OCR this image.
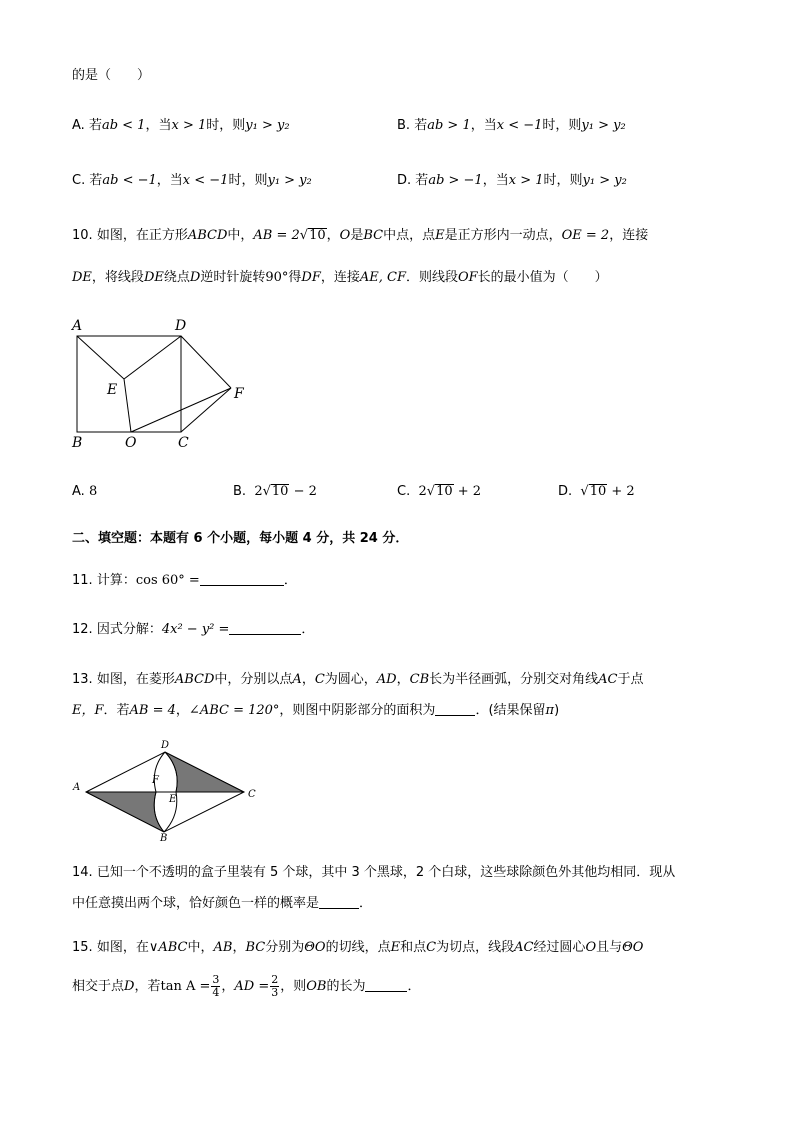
的是（　　）
A. 若ab < 1，当x > 1时，则y₁ > y₂	B. 若ab > 1，当x < −1时，则y₁ > y₂
C. 若ab < −1，当x < −1时，则y₁ > y₂	D. 若ab > −1，当x > 1时，则y₁ > y₂
10. 如图，在正方形ABCD中，AB = 2√10，O是BC中点，点E是正方形内一动点，OE = 2，连接
DE，将线段DE绕点D逆时针旋转90°得DF，连接AE, CF．则线段OF长的最小值为（　　）
A	D
E	F
B	O	C
A. 8	B. 2√10 − 2	C. 2√10 + 2	D. √10 + 2
二、填空题：本题有 6 个小题，每小题 4 分，共 24 分．
11. 计算：cos 60° =	．
12. 因式分解：4x² − y² =	．
13. 如图，在菱形ABCD中，分别以点A，C为圆心，AD，CB长为半径画弧，分别交对角线AC于点
E，F．若AB = 4，∠ABC = 120°，则图中阴影部分的面积为	．(结果保留π)
A
D
C
B
F
E
14. 已知一个不透明的盒子里装有 5 个球，其中 3 个黑球，2 个白球，这些球除颜色外其他均相同．现从
中任意摸出两个球，恰好颜色一样的概率是	．
15. 如图，在∨ABC中，AB，BC分别为ΘO的切线，点E和点C为切点，线段AC经过圆心O且与ΘO
相交于点D，若$\tan A = \frac{3}{4}$ ，AD = $\frac{2}{3}$ ，则OB的长为	．
